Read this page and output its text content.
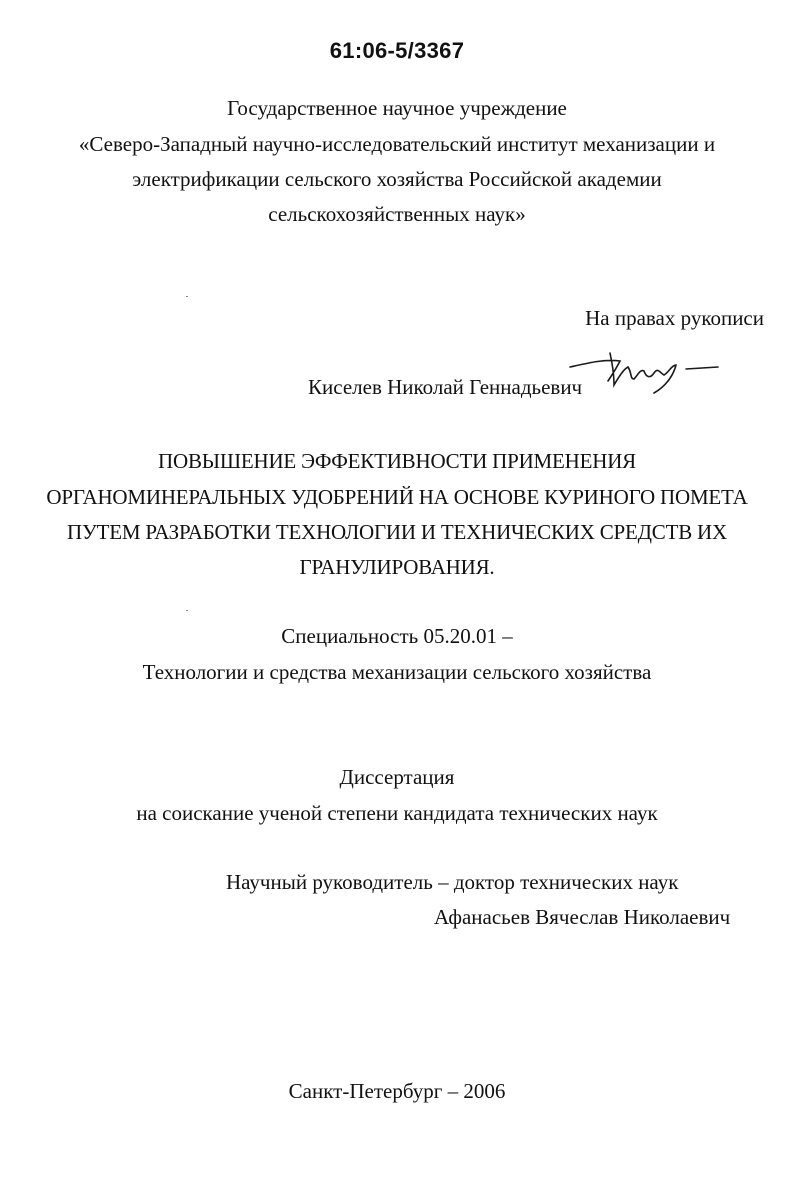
61:06-5/3367
Государственное научное учреждение
«Северо-Западный научно-исследовательский институт механизации и
электрификации сельского хозяйства Российской академии
сельскохозяйственных наук»
На правах рукописи
Киселев Николай Геннадьевич
ПОВЫШЕНИЕ ЭФФЕКТИВНОСТИ ПРИМЕНЕНИЯ
ОРГАНОМИНЕРАЛЬНЫХ УДОБРЕНИЙ НА ОСНОВЕ КУРИНОГО ПОМЕТА
ПУТЕМ РАЗРАБОТКИ ТЕХНОЛОГИИ И ТЕХНИЧЕСКИХ СРЕДСТВ ИХ
ГРАНУЛИРОВАНИЯ.
Специальность 05.20.01 –
Технологии и средства механизации сельского хозяйства
Диссертация
на соискание ученой степени кандидата технических наук
Научный руководитель – доктор технических наук
Афанасьев Вячеслав Николаевич
Санкт-Петербург – 2006
